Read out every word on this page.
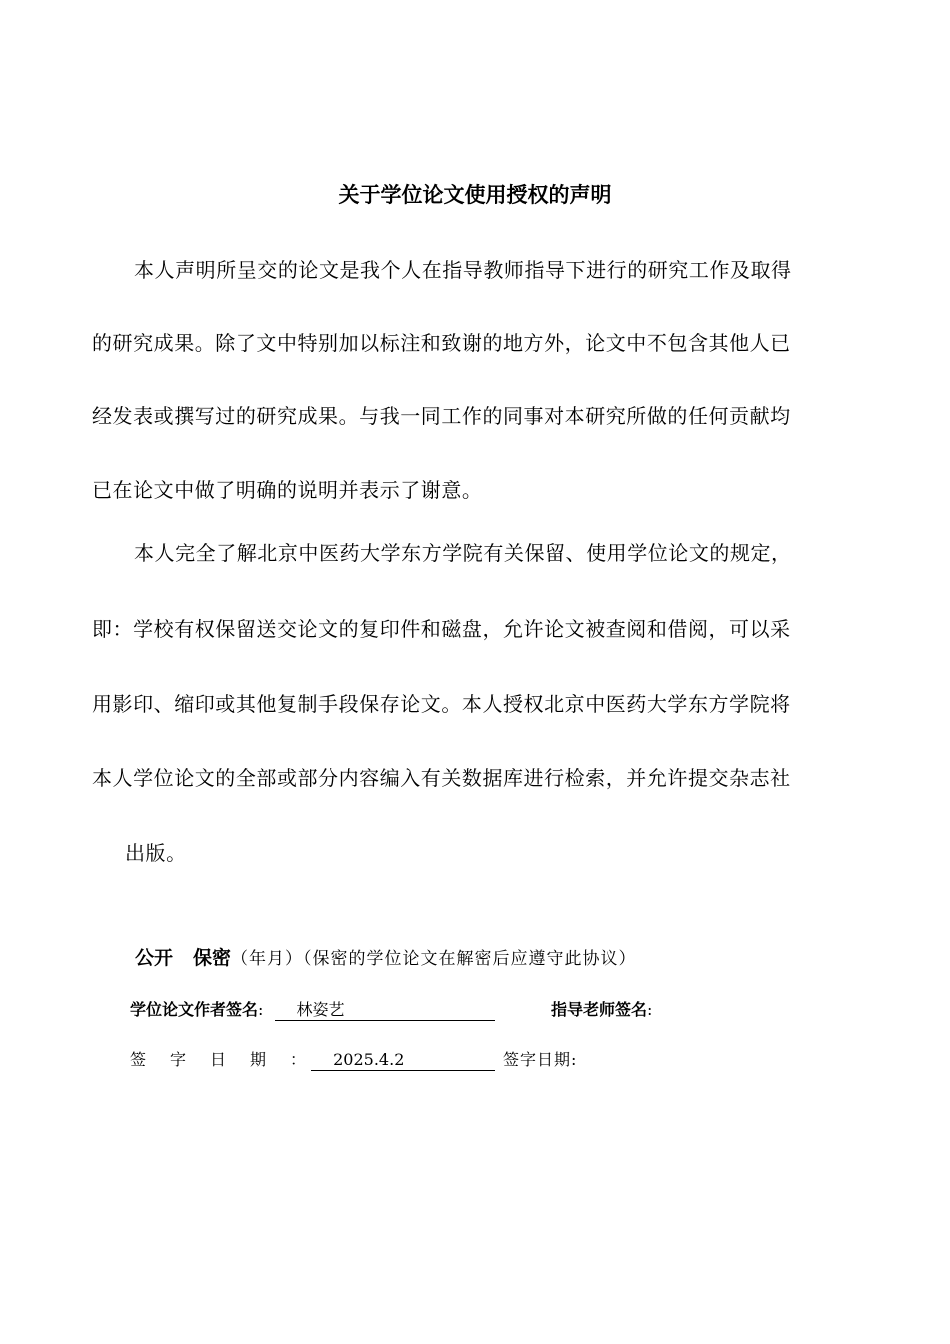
关于学位论文使用授权的声明
本人声明所呈交的论文是我个人在指导教师指导下进行的研究工作及取得
的研究成果。除了文中特别加以标注和致谢的地方外，论文中不包含其他人已
经发表或撰写过的研究成果。与我一同工作的同事对本研究所做的任何贡献均
已在论文中做了明确的说明并表示了谢意。
本人完全了解北京中医药大学东方学院有关保留、使用学位论文的规定，
即：学校有权保留送交论文的复印件和磁盘，允许论文被查阅和借阅，可以采
用影印、缩印或其他复制手段保存论文。本人授权北京中医药大学东方学院将
本人学位论文的全部或部分内容编入有关数据库进行检索，并允许提交杂志社
出版。
公开 保密（年月）（保密的学位论文在解密后应遵守此协议）
学位论文作者签名: 林姿艺	指导老师签名:
签字日期： 2025.4.2	签字日期:
